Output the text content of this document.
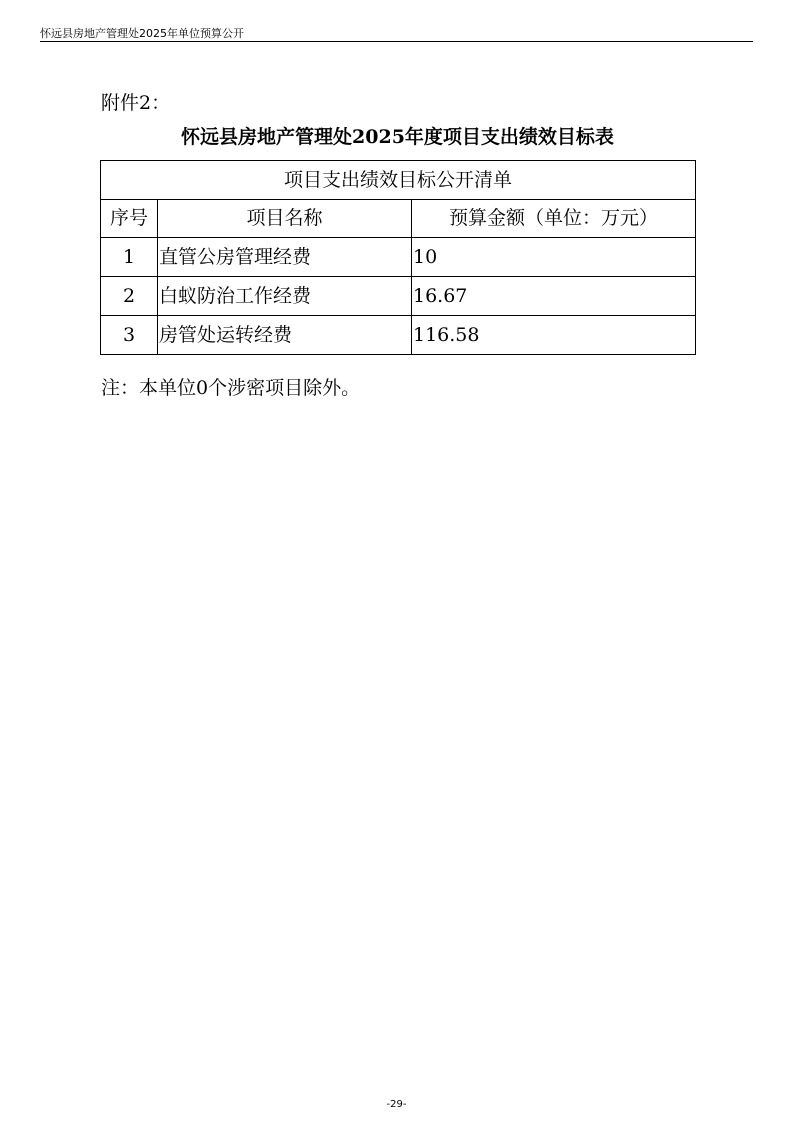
怀远县房地产管理处2025年单位预算公开
附件2：
怀远县房地产管理处2025年度项目支出绩效目标表
项目支出绩效目标公开清单		
序号	项目名称	预算金额（单位：万元）
1	直管公房管理经费	10
2	白蚁防治工作经费	16.67
3	房管处运转经费	116.58
注：本单位0个涉密项目除外。
-29-
